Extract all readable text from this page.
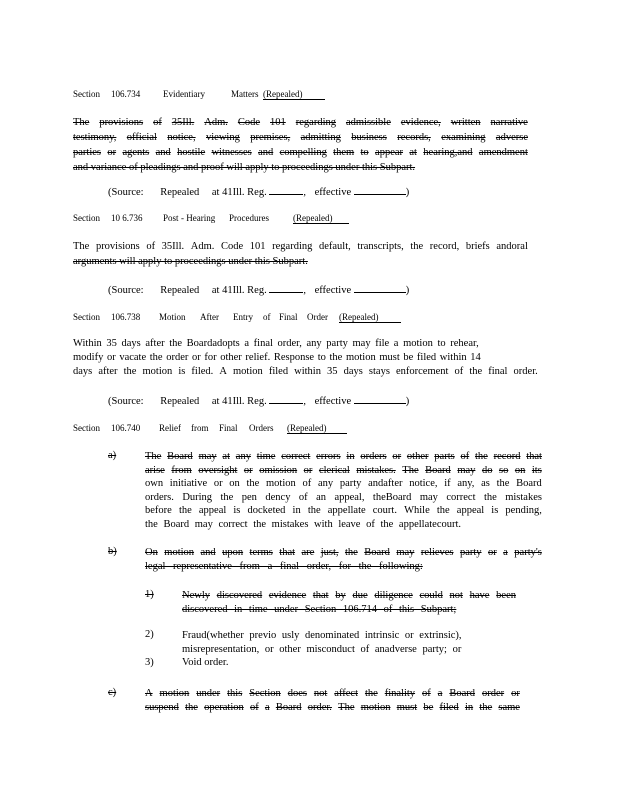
Section 106.734	Evidentiary	Matters (Repealed)
The provisions of 35Ill. Adm. Code 101 regarding admissible evidence, written narrative
testimony, official notice, viewing premises, admitting business records, examining adverse
parties or agents and hostile witnesses and compelling them to appear at hearing,and amendment
and variance of pleadings and proof will apply to proceedings under this Subpart.
(Source: Repealed at 41Ill. Reg.	, effective	)
Section 10 6.736 Post - Hearing Procedures	(Repealed)
The provisions of 35Ill. Adm. Code 101 regarding default, transcripts, the record, briefs andoral
arguments will apply to proceedings under this Subpart.
(Source: Repealed at 41Ill. Reg.	, effective	)
Section 106.738 Motion After Entry of Final Order (Repealed)
Within 35 days after the Boardadopts a final order, any party may file a motion to rehear,
modify or vacate the order or for other relief. Response to the motion must be filed within 14
days after the motion is filed. A motion filed within 35 days stays enforcement of the final order.
(Source: Repealed at 41Ill. Reg.	, effective	)
Section 106.740 Relief from Final Orders (Repealed)
a)	The Board may at any time correct errors in orders or other parts of the record that
arise from oversight or omission or clerical mistakes. The Board may do so on its
own initiative or on the motion of any party andafter notice, if any, as the Board
orders. During the pen dency of an appeal, theBoard may correct the mistakes
before the appeal is docketed in the appellate court. While the appeal is pending,
the Board may correct the mistakes with leave of the appellatecourt.
b)	On motion and upon terms that are just, the Board may relieves party or a party's
legal representative from a final order, for the following:
1)	Newly discovered evidence that by due diligence could not have been
discovered in time under Section 106.714 of this Subpart;
2)	Fraud(whether previo usly denominated intrinsic or extrinsic),
misrepresentation, or other misconduct of anadverse party; or
3)	Void order.
c)	A motion under this Section does not affect the finality of a Board order or
suspend the operation of a Board order. The motion must be filed in the same
